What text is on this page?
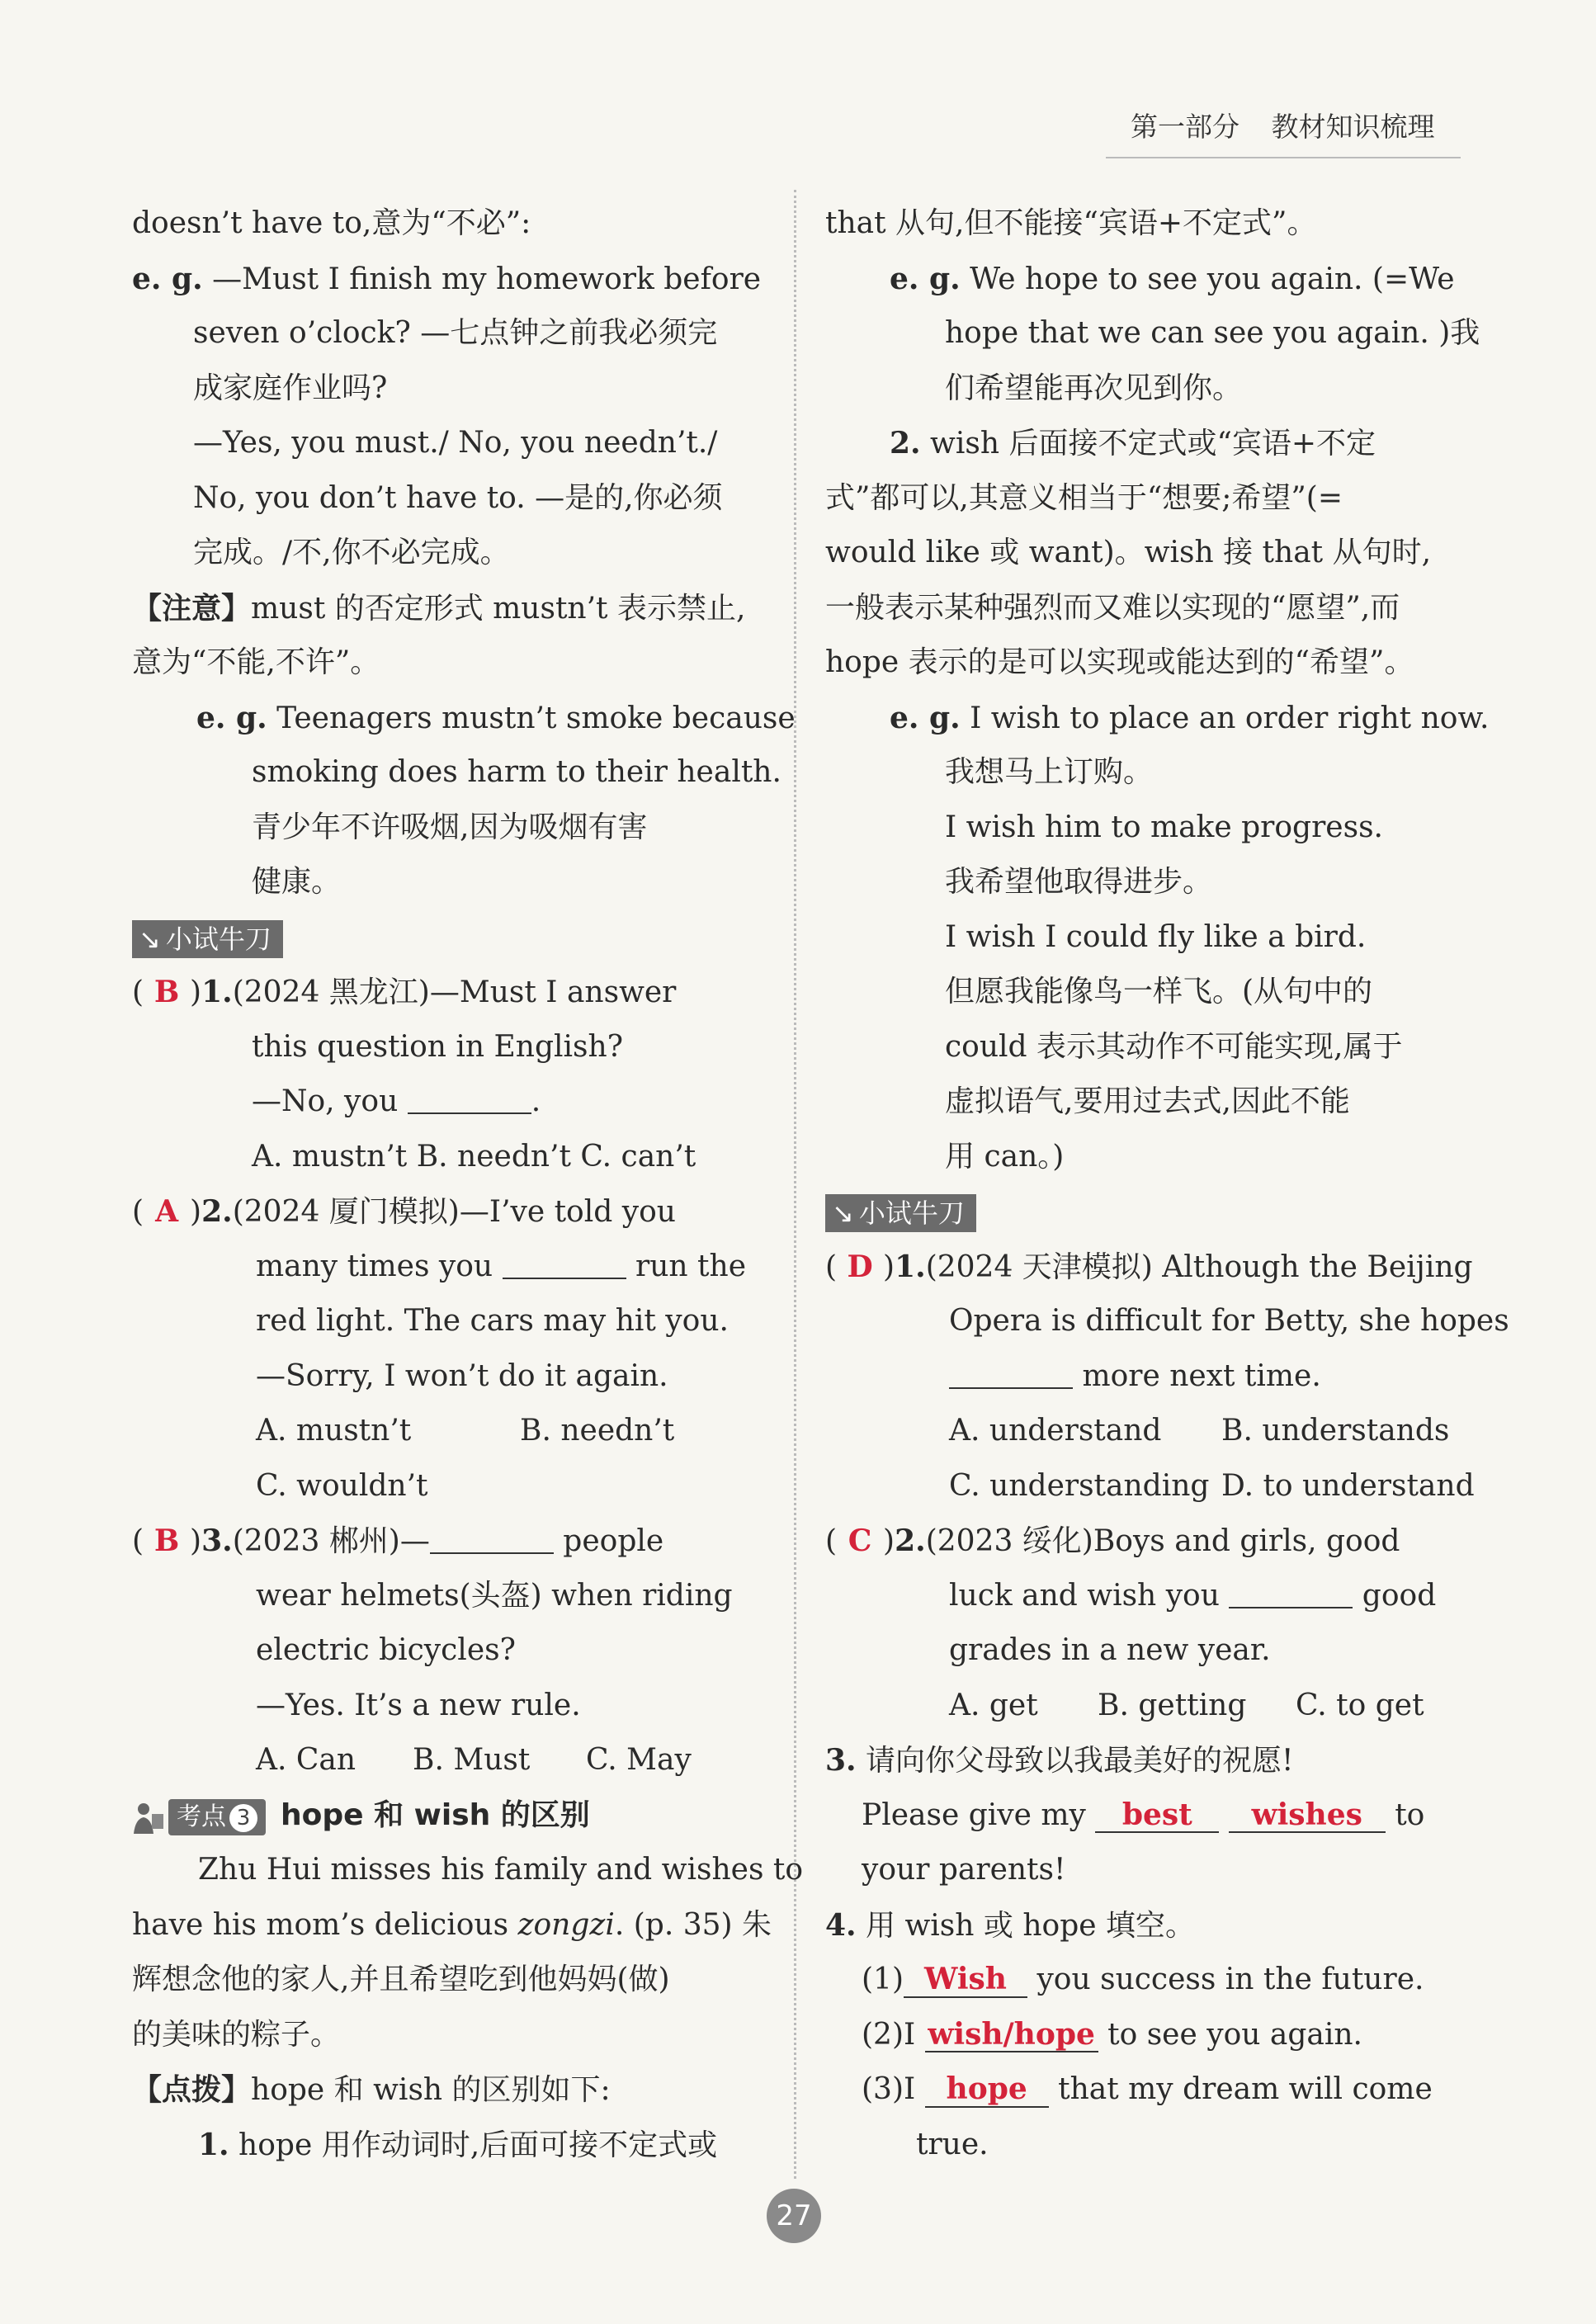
第一部分 教材知识梳理
doesn’t have to,意为“不必”:
e. g. —Must I finish my homework before
seven o’clock? —七点钟之前我必须完
成家庭作业吗?
—Yes, you must./ No, you needn’t./
No, you don’t have to. —是的,你必须
完成。/不,你不必完成。
【注意】must 的否定形式 mustn’t 表示禁止,
意为“不能,不许”。
e. g. Teenagers mustn’t smoke because
smoking does harm to their health.
青少年不许吸烟,因为吸烟有害
健康。
↘ 小试牛刀
( B )1.(2024 黑龙江)—Must I answer
this question in English?
—No, you	.
A. mustn’t B. needn’t C. can’t
( A )2.(2024 厦门模拟)—I’ve told you
many times you	run the
red light. The cars may hit you.
—Sorry, I won’t do it again.
A. mustn’t	B. needn’t
C. wouldn’t
( B )3.(2023 郴州)—	people
wear helmets(头盔) when riding
electric bicycles?
—Yes. It’s a new rule.
A. Can B. Must C. May
考点 3 hope 和 wish 的区别
Zhu Hui misses his family and wishes to
have his mom’s delicious zongzi. (p. 35) 朱
辉想念他的家人,并且希望吃到他妈妈(做)
的美味的粽子。
【点拨】hope 和 wish 的区别如下:
1. hope 用作动词时,后面可接不定式或
that 从句,但不能接“宾语+不定式”。
e. g. We hope to see you again. (=We
hope that we can see you again. )我
们希望能再次见到你。
2. wish 后面接不定式或“宾语+不定
式”都可以,其意义相当于“想要;希望”(=
would like 或 want)。wish 接 that 从句时,
一般表示某种强烈而又难以实现的“愿望”,而
hope 表示的是可以实现或能达到的“希望”。
e. g. I wish to place an order right now.
我想马上订购。
I wish him to make progress.
我希望他取得进步。
I wish I could fly like a bird.
但愿我能像鸟一样飞。(从句中的
could 表示其动作不可能实现,属于
虚拟语气,要用过去式,因此不能
用 can。)
↘ 小试牛刀
( D )1.(2024 天津模拟) Although the Beijing
Opera is difficult for Betty, she hopes
more next time.
A. understand B. understands
C. understanding D. to understand
( C )2.(2023 绥化)Boys and girls, good
luck and wish you	good
grades in a new year.
A. get B. getting C. to get
3. 请向你父母致以我最美好的祝愿!
Please give my best wishes to
your parents!
4. 用 wish 或 hope 填空。
(1) Wish you success in the future.
(2)I wish/hope to see you again.
(3)I hope that my dream will come
true.
27
